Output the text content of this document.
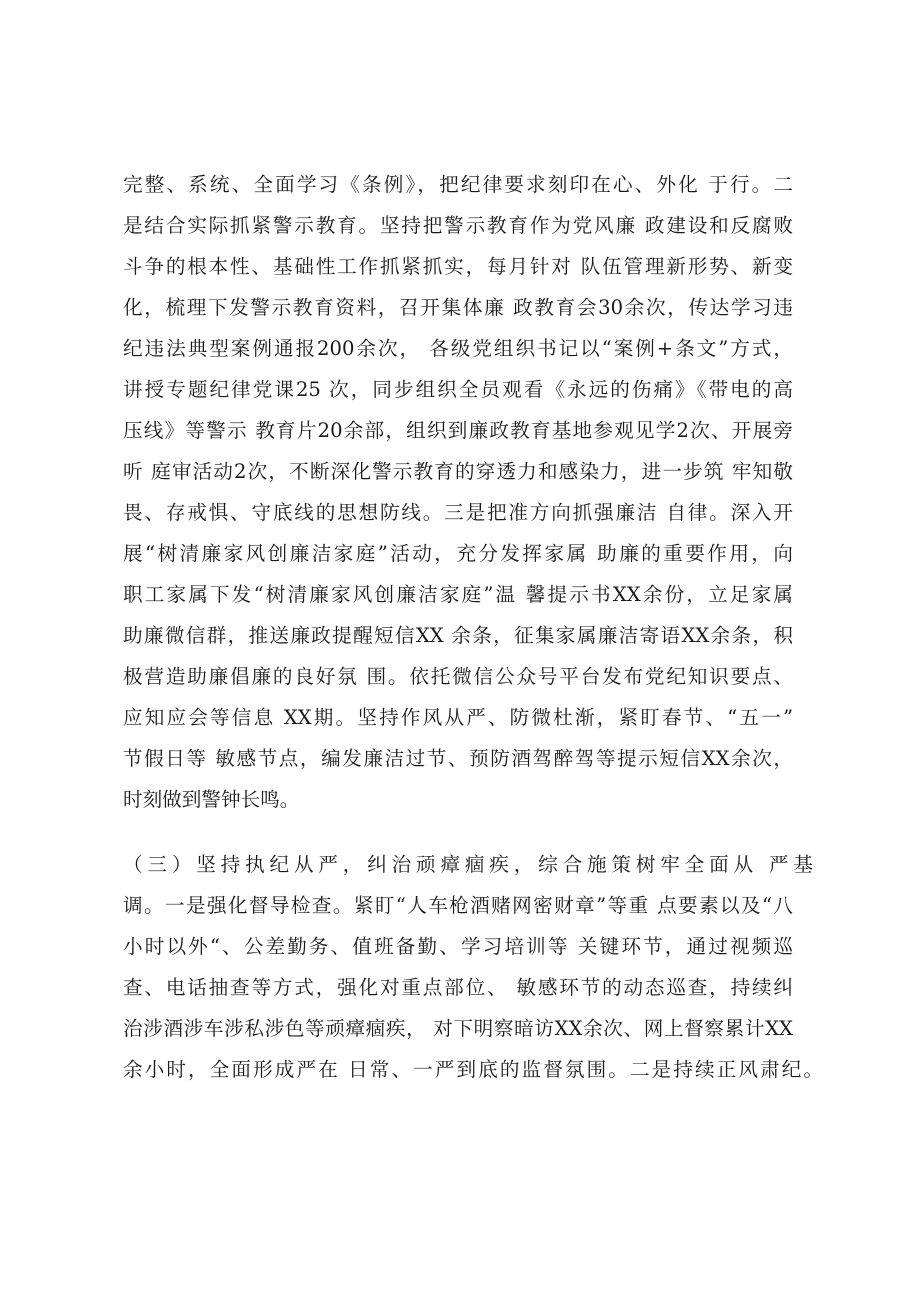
完整、系统、全面学习《条例》，把纪律要求刻印在心、外化 于行。二
是结合实际抓紧警示教育。坚持把警示教育作为党风廉 政建设和反腐败
斗争的根本性、基础性工作抓紧抓实，每月针对 队伍管理新形势、新变
化，梳理下发警示教育资料，召开集体廉 政教育会30余次，传达学习违
纪违法典型案例通报200余次， 各级党组织书记以“案例+条文”方式，
讲授专题纪律党课25 次，同步组织全员观看《永远的伤痛》《带电的高
压线》等警示 教育片20余部，组织到廉政教育基地参观见学2次、开展旁
听 庭审活动2次，不断深化警示教育的穿透力和感染力，进一步筑 牢知敬
畏、存戒惧、守底线的思想防线。三是把准方向抓强廉洁 自律。深入开
展“树清廉家风创廉洁家庭”活动，充分发挥家属 助廉的重要作用，向
职工家属下发“树清廉家风创廉洁家庭”温 馨提示书XX余份，立足家属
助廉微信群，推送廉政提醒短信XX 余条，征集家属廉洁寄语XX余条，积
极营造助廉倡廉的良好氛 围。依托微信公众号平台发布党纪知识要点、
应知应会等信息 XX期。坚持作风从严、防微杜渐，紧盯春节、“五一”
节假日等 敏感节点，编发廉洁过节、预防酒驾醉驾等提示短信XX余次，
时刻做到警钟长鸣。
（三）坚持执纪从严，纠治顽瘴痼疾，综合施策树牢全面从 严基
调。一是强化督导检查。紧盯“人车枪酒赌网密财章”等重 点要素以及“八
小时以外“、公差勤务、值班备勤、学习培训等 关键环节，通过视频巡
查、电话抽查等方式，强化对重点部位、 敏感环节的动态巡查，持续纠
治涉酒涉车涉私涉色等顽瘴痼疾， 对下明察暗访XX余次、网上督察累计XX
余小时，全面形成严在 日常、一严到底的监督氛围。二是持续正风肃纪。
